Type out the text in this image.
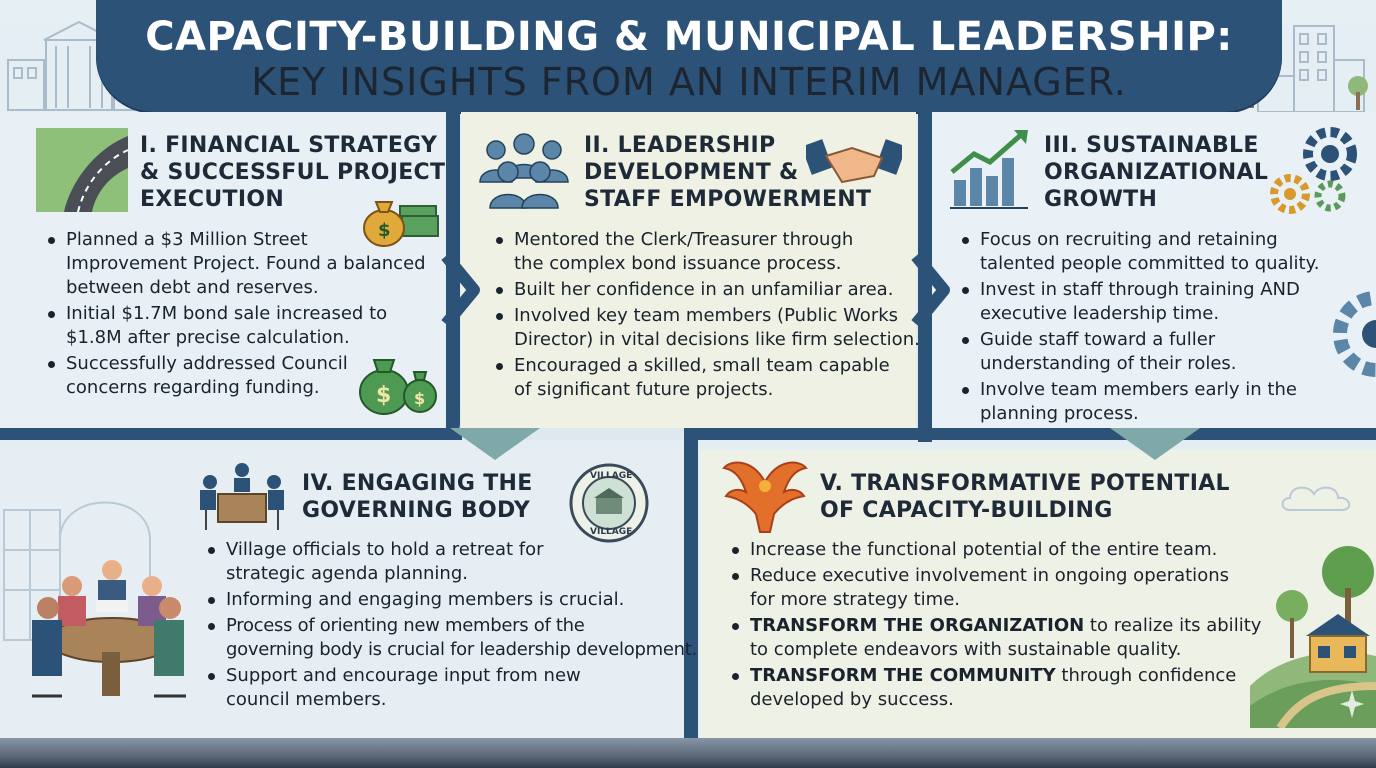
CAPACITY-BUILDING & MUNICIPAL LEADERSHIP:
KEY INSIGHTS FROM AN INTERIM MANAGER.
I. FINANCIAL STRATEGY
& SUCCESSFUL PROJECT
EXECUTION
$
Planned a $3 Million Street
Improvement Project. Found a balanced
between debt and reserves.
Initial $1.7M bond sale increased to
$1.8M after precise calculation.
Successfully addressed Council
concerns regarding funding.	$ $
II. LEADERSHIP
DEVELOPMENT &
STAFF EMPOWERMENT
Mentored the Clerk/Treasurer through
the complex bond issuance process.
Built her confidence in an unfamiliar area.
Involved key team members (Public Works
Director) in vital decisions like firm selection.
Encouraged a skilled, small team capable
of significant future projects.
III. SUSTAINABLE
ORGANIZATIONAL
GROWTH
Focus on recruiting and retaining
talented people committed to quality.
Invest in staff through training AND
executive leadership time.
Guide staff toward a fuller
understanding of their roles.
Involve team members early in the
planning process.
IV. ENGAGING THE
GOVERNING BODY
VILLAGE
VILLAGE
Village officials to hold a retreat for
strategic agenda planning.
Informing and engaging members is crucial.
Process of orienting new members of the
governing body is crucial for leadership development.
Support and encourage input from new
council members.
V. TRANSFORMATIVE POTENTIAL
OF CAPACITY-BUILDING
Increase the functional potential of the entire team.
Reduce executive involvement in ongoing operations
for more strategy time.
TRANSFORM THE ORGANIZATION to realize its ability
to complete endeavors with sustainable quality.
TRANSFORM THE COMMUNITY through confidence
developed by success.
